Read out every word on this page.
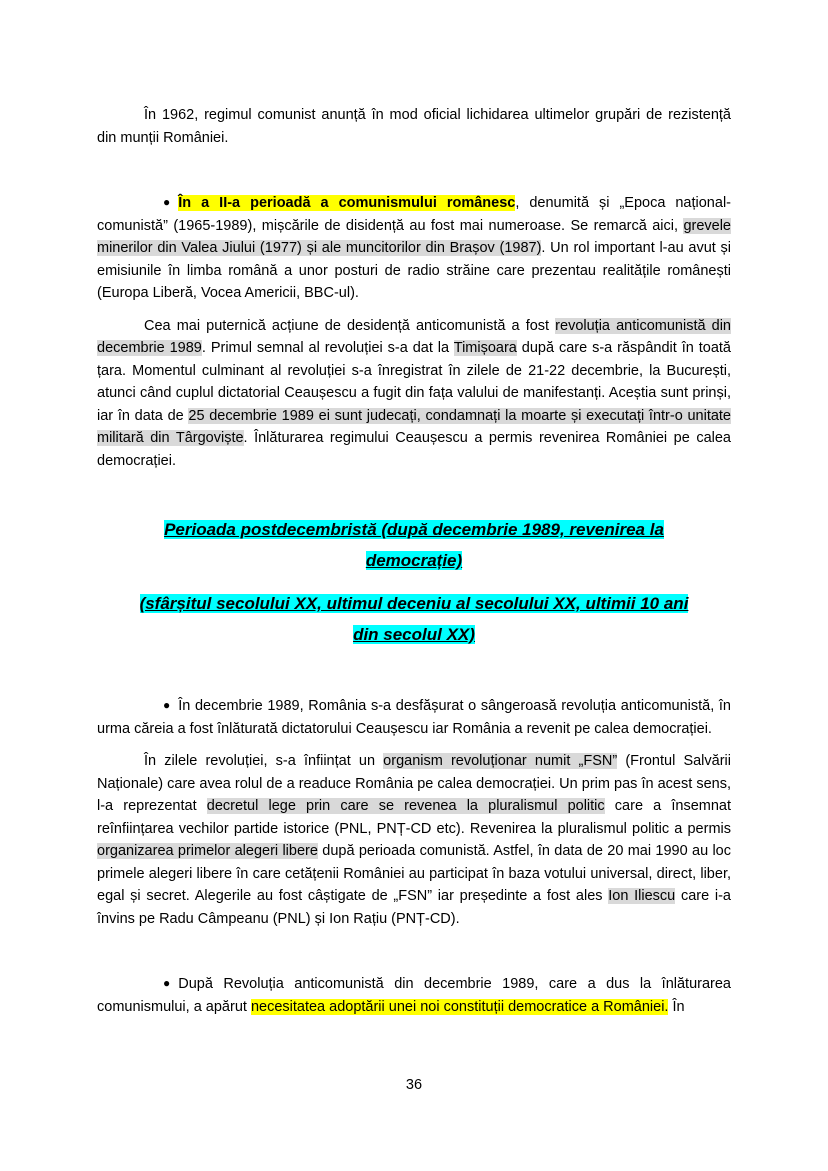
În 1962, regimul comunist anunță în mod oficial lichidarea ultimelor grupări de rezistență din munții României.

● În a II-a perioadă a comunismului românesc, denumită și „Epoca național-comunistă” (1965-1989), mișcările de disidență au fost mai numeroase. Se remarcă aici, grevele minerilor din Valea Jiului (1977) și ale muncitorilor din Brașov (1987). Un rol important l-au avut și emisiunile în limba română a unor posturi de radio străine care prezentau realitățile românești (Europa Liberă, Vocea Americii, BBC-ul).

Cea mai puternică acțiune de desidență anticomunistă a fost revoluția anticomunistă din decembrie 1989. Primul semnal al revoluției s-a dat la Timișoara după care s-a răspândit în toată țara. Momentul culminant al revoluției s-a înregistrat în zilele de 21-22 decembrie, la București, atunci când cuplul dictatorial Ceaușescu a fugit din fața valului de manifestanți. Aceștia sunt prinși, iar în data de 25 decembrie 1989 ei sunt judecați, condamnați la moarte și executați într-o unitate militară din Târgoviște. Înlăturarea regimului Ceaușescu a permis revenirea României pe calea democrației.

Perioada postdecembristă (după decembrie 1989, revenirea la democrație)

(sfârșitul secolului XX, ultimul deceniu al secolului XX, ultimii 10 ani din secolul XX)

● În decembrie 1989, România s-a desfășurat o sângeroasă revoluția anticomunistă, în urma căreia a fost înlăturată dictatorului Ceaușescu iar România a revenit pe calea democrației.

În zilele revoluției, s-a înființat un organism revoluționar numit „FSN” (Frontul Salvării Naționale) care avea rolul de a readuce România pe calea democrației. Un prim pas în acest sens, l-a reprezentat decretul lege prin care se revenea la pluralismul politic care a însemnat reînființarea vechilor partide istorice (PNL, PNȚ-CD etc). Revenirea la pluralismul politic a permis organizarea primelor alegeri libere după perioada comunistă. Astfel, în data de 20 mai 1990 au loc primele alegeri libere în care cetățenii României au participat în baza votului universal, direct, liber, egal și secret. Alegerile au fost câștigate de „FSN” iar președinte a fost ales Ion Iliescu care i-a învins pe Radu Câmpeanu (PNL) și Ion Rațiu (PNȚ-CD).

● După Revoluția anticomunistă din decembrie 1989, care a dus la înlăturarea comunismului, a apărut necesitatea adoptării unei noi constituții democratice a României. În

36
